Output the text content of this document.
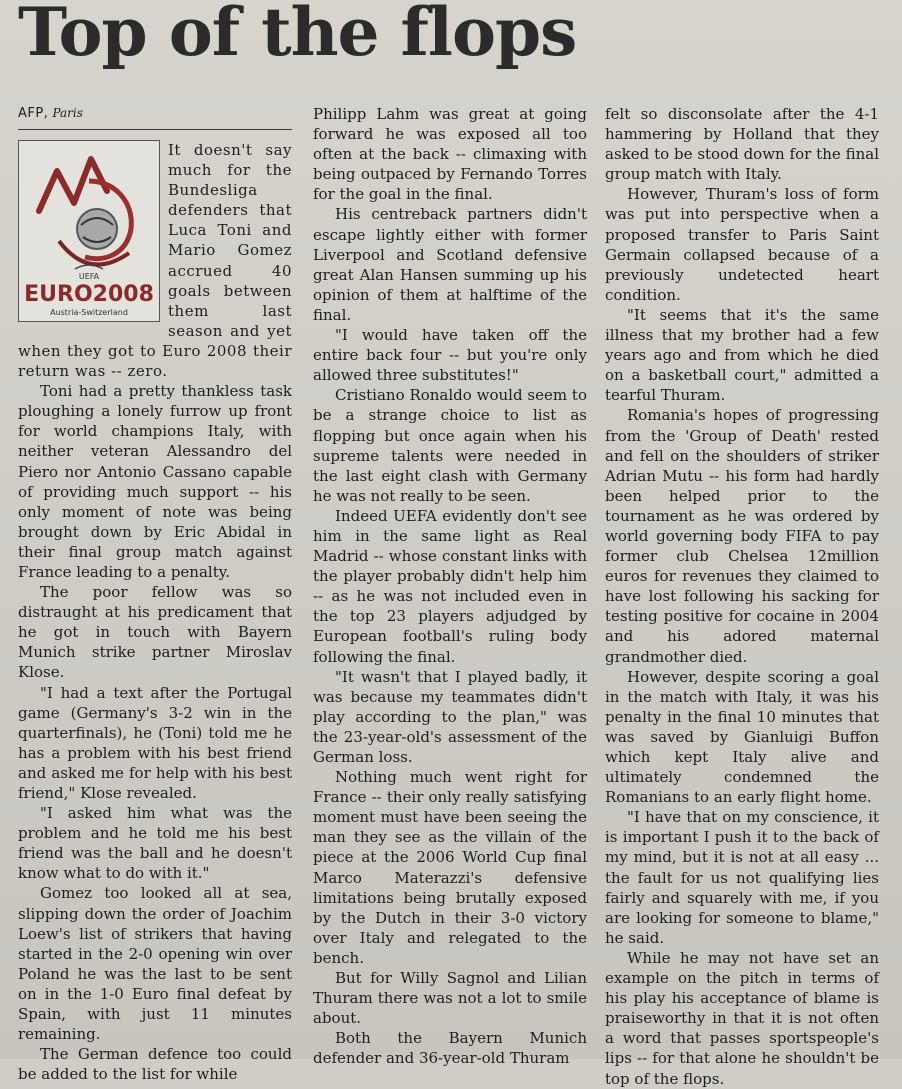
Top of the flops
AFP, Paris
UEFA
EURO2008
Austria-Switzerland

It doesn't say much for the Bundesliga defenders that Luca Toni and Mario Gomez accrued 40 goals between them last season and yet when they got to Euro 2008 their return was -- zero.

Toni had a pretty thankless task ploughing a lonely furrow up front for world champions Italy, with neither veteran Alessandro del Piero nor Antonio Cassano capable of providing much support -- his only moment of note was being brought down by Eric Abidal in their final group match against France leading to a penalty.

The poor fellow was so distraught at his predicament that he got in touch with Bayern Munich strike partner Miroslav Klose.

"I had a text after the Portugal game (Germany's 3-2 win in the quarterfinals), he (Toni) told me he has a problem with his best friend and asked me for help with his best friend," Klose revealed.

"I asked him what was the problem and he told me his best friend was the ball and he doesn't know what to do with it."

Gomez too looked all at sea, slipping down the order of Joachim Loew's list of strikers that having started in the 2-0 opening win over Poland he was the last to be sent on in the 1-0 Euro final defeat by Spain, with just 11 minutes remaining.

The German defence too could be added to the list for while

Philipp Lahm was great at going forward he was exposed all too often at the back -- climaxing with being outpaced by Fernando Torres for the goal in the final.

His centreback partners didn't escape lightly either with former Liverpool and Scotland defensive great Alan Hansen summing up his opinion of them at halftime of the final.

"I would have taken off the entire back four -- but you're only allowed three substitutes!"

Cristiano Ronaldo would seem to be a strange choice to list as flopping but once again when his supreme talents were needed in the last eight clash with Germany he was not really to be seen.

Indeed UEFA evidently don't see him in the same light as Real Madrid -- whose constant links with the player probably didn't help him -- as he was not included even in the top 23 players adjudged by European football's ruling body following the final.

"It wasn't that I played badly, it was because my teammates didn't play according to the plan," was the 23-year-old's assessment of the German loss.

Nothing much went right for France -- their only really satisfying moment must have been seeing the man they see as the villain of the piece at the 2006 World Cup final Marco Materazzi's defensive limitations being brutally exposed by the Dutch in their 3-0 victory over Italy and relegated to the bench.

But for Willy Sagnol and Lilian Thuram there was not a lot to smile about.

Both the Bayern Munich defender and 36-year-old Thuram

felt so disconsolate after the 4-1 hammering by Holland that they asked to be stood down for the final group match with Italy.

However, Thuram's loss of form was put into perspective when a proposed transfer to Paris Saint Germain collapsed because of a previously undetected heart condition.

"It seems that it's the same illness that my brother had a few years ago and from which he died on a basketball court," admitted a tearful Thuram.

Romania's hopes of progressing from the 'Group of Death' rested and fell on the shoulders of striker Adrian Mutu -- his form had hardly been helped prior to the tournament as he was ordered by world governing body FIFA to pay former club Chelsea 12million euros for revenues they claimed to have lost following his sacking for testing positive for cocaine in 2004 and his adored maternal grandmother died.

However, despite scoring a goal in the match with Italy, it was his penalty in the final 10 minutes that was saved by Gianluigi Buffon which kept Italy alive and ultimately condemned the Romanians to an early flight home.

"I have that on my conscience, it is important I push it to the back of my mind, but it is not at all easy ... the fault for us not qualifying lies fairly and squarely with me, if you are looking for someone to blame," he said.

While he may not have set an example on the pitch in terms of his play his acceptance of blame is praiseworthy in that it is not often a word that passes sportspeople's lips -- for that alone he shouldn't be top of the flops.
